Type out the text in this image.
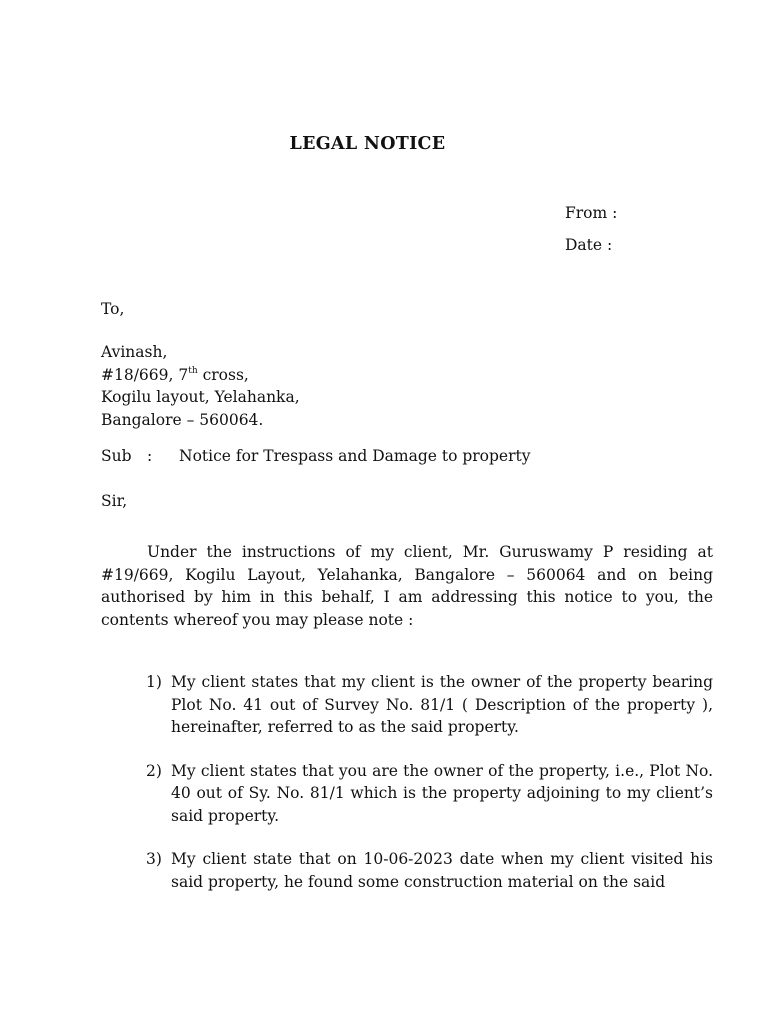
LEGAL NOTICE
From :
Date :
To,
Avinash,
#18/669, 7th cross,
Kogilu layout, Yelahanka,
Bangalore – 560064.
Sub :	Notice for Trespass and Damage to property
Sir,
Under the instructions of my client, Mr. Guruswamy P residing at #19/669, Kogilu Layout, Yelahanka, Bangalore – 560064 and on being authorised by him in this behalf, I am addressing this notice to you, the contents whereof you may please note :
1) My client states that my client is the owner of the property bearing Plot No. 41 out of Survey No. 81/1 ( Description of the property ), hereinafter, referred to as the said property.
2) My client states that you are the owner of the property, i.e., Plot No. 40 out of Sy. No. 81/1 which is the property adjoining to my client’s said property.
3) My client state that on 10-06-2023 date when my client visited his said property, he found some construction material on the said
